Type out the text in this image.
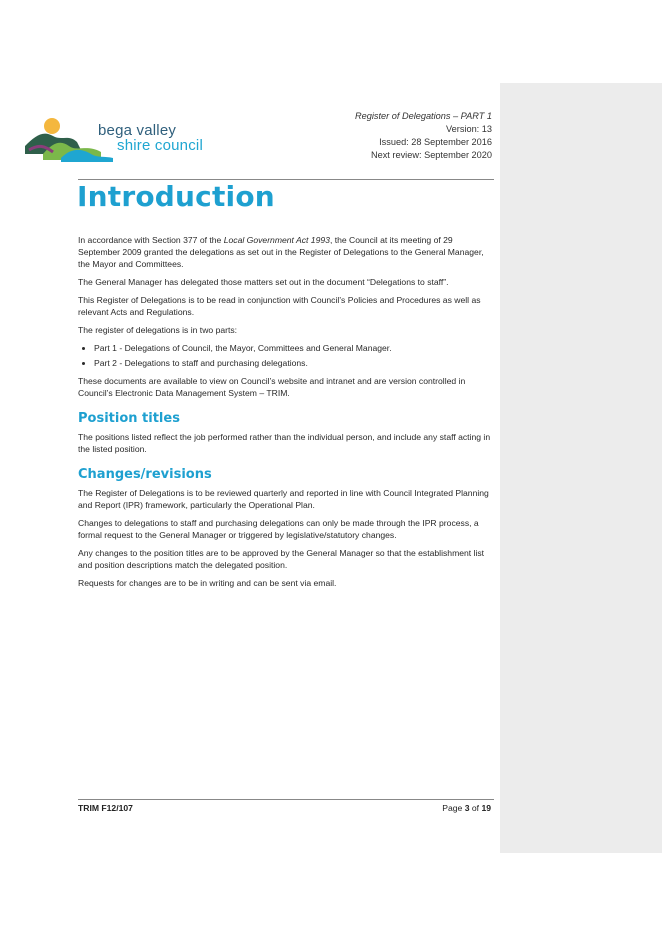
bega valley
shire council
Register of Delegations – PART 1
Version: 13
Issued: 28 September 2016
Next review: September 2020
Introduction

In accordance with Section 377 of the Local Government Act 1993, the Council at its meeting of 29 September 2009 granted the delegations as set out in the Register of Delegations to the General Manager, the Mayor and Committees.

The General Manager has delegated those matters set out in the document “Delegations to staff”.

This Register of Delegations is to be read in conjunction with Council’s Policies and Procedures as well as relevant Acts and Regulations.

The register of delegations is in two parts:

• Part 1 - Delegations of Council, the Mayor, Committees and General Manager.
• Part 2 - Delegations to staff and purchasing delegations.

These documents are available to view on Council’s website and intranet and are version controlled in Council’s Electronic Data Management System – TRIM.

Position titles

The positions listed reflect the job performed rather than the individual person, and include any staff acting in the listed position.

Changes/revisions

The Register of Delegations is to be reviewed quarterly and reported in line with Council Integrated Planning and Report (IPR) framework, particularly the Operational Plan.

Changes to delegations to staff and purchasing delegations can only be made through the IPR process, a formal request to the General Manager or triggered by legislative/statutory changes.

Any changes to the position titles are to be approved by the General Manager so that the establishment list and position descriptions match the delegated position.

Requests for changes are to be in writing and can be sent via email.

TRIM F12/107	Page 3 of 19
